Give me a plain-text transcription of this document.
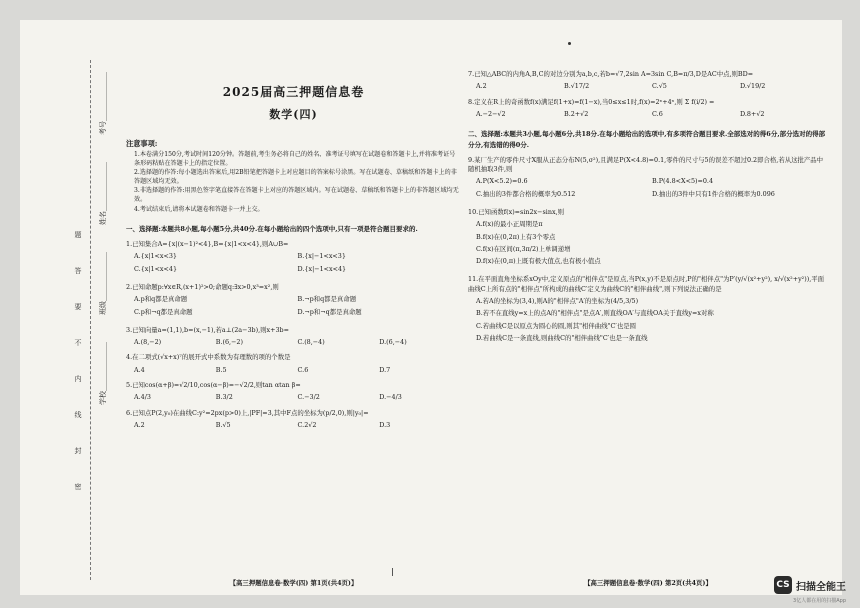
题
答
要
不
内
线
封
密
学校______________
班级______________
姓名______________
考号______________	2025届高三押题信息卷
数学(四)
注意事项:
1.本卷满分150分,考试时间120分钟。答题前,考生务必将自己的姓名、准考证号填写在试题卷和答题卡上,并将准考证号条形码粘贴在答题卡上的指定位置。
2.选择题的作答:每小题选出答案后,用2B铅笔把答题卡上对应题目的答案标号涂黑。写在试题卷、草稿纸和答题卡上的非答题区域均无效。
3.非选择题的作答:用黑色签字笔直接答在答题卡上对应的答题区域内。写在试题卷、草稿纸和答题卡上的非答题区域均无效。
4.考试结束后,请将本试题卷和答题卡一并上交。
一、选择题:本题共8小题,每小题5分,共40分.在每小题给出的四个选项中,只有一项是符合题目要求的.
1.已知集合A={x|(x−1)²<4},B={x|1<x<4},则A∪B=
A.{x|1<x<3}	B.{x|−1<x<3}
C.{x|1<x<4}	D.{x|−1<x<4}
2.已知命题p:∀x∈R,(x+1)²>0;命题q:∃x>0,x³=x²,则
A.p和q都是真命题	B.¬p和q都是真命题
C.p和¬q都是真命题	D.¬p和¬q都是真命题
3.已知向量a=(1,1),b=(x,−1),若a⊥(2a−3b),则x+3b=
A.(8,−2)	B.(6,−2)	C.(8,−4)	D.(6,−4)
4.在二项式(√x+x)⁷的展开式中系数为有理数的项的个数是
A.4	B.5	C.6	D.7
5.已知cos(α+β)=√2/10,cos(α−β)=−√2/2,则tan αtan β=
A.4/3	B.3/2	C.−3/2	D.−4/3
6.已知点P(2,y₀)在曲线C:y²=2px(p>0)上,|PF|=3,其中F点的坐标为(p/2,0),则|y₀|=
A.2	B.√5	C.2√2	D.3
7.已知△ABC的内角A,B,C的对边分别为a,b,c,若b=√7,2sin A=3sin C,B=π/3,D是AC中点,则BD=
A.2	B.√17/2	C.√5	D.√19/2
8.定义在R上的奇函数f(x)满足f(1+x)=f(1−x),当0≤x≤1时,f(x)=2ˣ+4ˣ,则 Σ f(i/2) =
A.−2−√2	B.2+√2	C.6	D.8+√2
二、选择题:本题共3小题,每小题6分,共18分.在每小题给出的选项中,有多项符合题目要求.全部选对的得6分,部分选对的得部分分,有选错的得0分.
9.某厂生产的零件尺寸X服从正态分布N(5,σ²),且满足P(X<4.8)=0.1,零件的尺寸与5的误差不超过0.2即合格,若从这批产品中随机抽取3件,则
A.P(X<5.2)=0.6	B.P(4.8<X<5)=0.4
C.抽出的3件都合格的概率为0.512	D.抽出的3件中只有1件合格的概率为0.096
10.已知函数f(x)=sin2x−sinx,则
A.f(x)的最小正周期是π
B.f(x)在(0,2π)上有3个零点
C.f(x)在区间(π,3π/2)上单调递增
D.f(x)在(0,π)上既有极大值点,也有极小值点
11.在平面直角坐标系xOy中,定义原点的"相伴点"是原点,当P(x,y)不是原点时,P的"相伴点"为P′(y/√(x²+y²), x/√(x²+y²)),平面曲线C上所有点的"相伴点"所构成的曲线C′定义为曲线C的"相伴曲线",则下列说法正确的是
A.若A的坐标为(3,4),则A的"相伴点"A′的坐标为(4/5,3/5)
B.若不在直线y=x上的点A的"相伴点"是点A′,则直线OA′与直线OA关于直线y=x对称
C.若曲线C是以原点为圆心的圆,则其"相伴曲线"C′也是圆
D.若曲线C是一条直线,则曲线C的"相伴曲线"C′也是一条直线
【高三押题信息卷·数学(四) 第1页(共4页)】	【高三押题信息卷·数学(四) 第2页(共4页)】	CS 扫描全能王
3亿人都在用的扫描App
